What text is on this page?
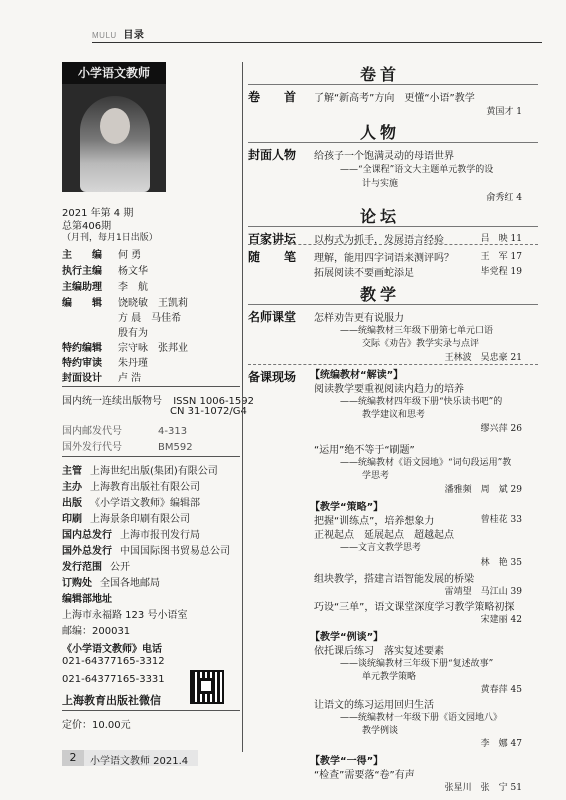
MULU 目录
小学语文教师
2021 年第 4 期
总第406期
（月刊，每月1日出版）
主　　编 何 勇
执行主编 杨文华
主编助理 李　航
编　　辑 饶晓敏　王凯莉
方 晨　马佳希
殷有为
特约编辑 宗守咏　张邦业
特约审读 朱丹瑾
封面设计 卢 浩
国内统一连续出版物号 ISSN 1006-1592
CN 31-1072/G4
国内邮发代号	4-313
国外发行代号	BM592
主管 上海世纪出版(集团)有限公司
主办 上海教育出版社有限公司
出版 《小学语文教师》编辑部
印刷 上海景条印刷有限公司
国内总发行 上海市报刊发行局
国外总发行 中国国际图书贸易总公司
发行范围 公开
订购处 全国各地邮局
编辑部地址
上海市永福路 123 号小语室
邮编：200031
《小学语文教师》电话
021-64377165-3312
021-64377165-3331
上海教育出版社微信
定价：10.00元
2	小学语文教师 2021.4
卷首
卷　　首 了解“新高考”方向　更懂“小语”教学
黄国才 1
人物
封面人物 给孩子一个饱满灵动的母语世界
——“全课程”语文大主题单元教学的设
计与实施
俞秀红 4
论坛
百家讲坛 以构式为抓手，发展语言经验	吕　映 11
随　　笔 理解，能用四字词语来测评吗？	王　军 17
拓展阅读不要画蛇添足	毕党程 19
教学
名师课堂 怎样劝告更有说服力
——统编教材三年级下册第七单元口语
交际《劝告》教学实录与点评
王林波　吴忠豪 21
备课现场 【统编教材“解读”】
阅读教学要重视阅读内趋力的培养
——统编教材四年级下册“快乐读书吧”的
教学建议和思考
缪兴萍 26
“运用”绝不等于“刷题”
——统编教材《语文园地》“词句段运用”教
学思考
潘雅频　周　斌 29
【教学“策略”】
把握“训练点”，培养想象力	曾桂花 33
正视起点　延展起点　超越起点
——文言文教学思考
林　艳 35
组块教学，搭建言语智能发展的桥梁
雷靖望　马江山 39
巧设“三单”，语文课堂深度学习教学策略初探
宋建丽 42
【教学“例谈”】
依托课后练习　落实复述要素
——谈统编教材三年级下册“复述故事”
单元教学策略
黄春萍 45
让语文的练习运用回归生活
——统编教材一年级下册《语文园地八》
教学例谈
李　娜 47
【教学“一得”】
“检查”需要落“卷”有声
张星川　张　宁 51
